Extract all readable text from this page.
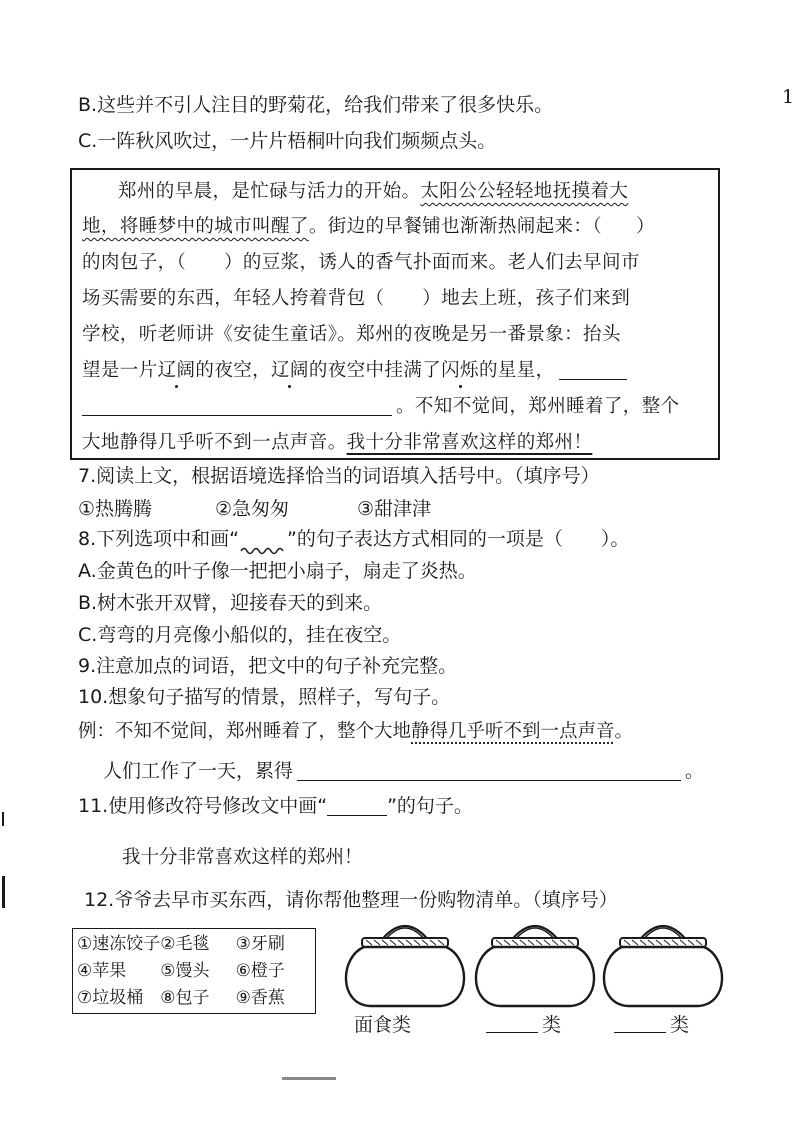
1
B.这些并不引人注目的野菊花，给我们带来了很多快乐。
C.一阵秋风吹过，一片片梧桐叶向我们频频点头。
郑州的早晨，是忙碌与活力的开始。太阳公公轻轻地抚摸着大
地，将睡梦中的城市叫醒了。街边的早餐铺也渐渐热闹起来：（ ）
的肉包子，（　　）的豆浆，诱人的香气扑面而来。老人们去早间市
场买需要的东西，年轻人挎着背包（　　）地去上班，孩子们来到
学校，听老师讲《安徒生童话》。郑州的夜晚是另一番景象：抬头
望是一片辽阔的夜空，辽阔的夜空中挂满了闪烁的星星，
。不知不觉间，郑州睡着了，整个
大地静得几乎听不到一点声音。我十分非常喜欢这样的郑州！
7.阅读上文，根据语境选择恰当的词语填入括号中。（填序号）
①热腾腾	②急匆匆	③甜津津
8.下列选项中和画“	”的句子表达方式相同的一项是（　　）。
A.金黄色的叶子像一把把小扇子，扇走了炎热。
B.树木张开双臂，迎接春天的到来。
C.弯弯的月亮像小船似的，挂在夜空。
9.注意加点的词语，把文中的句子补充完整。
10.想象句子描写的情景，照样子，写句子。
例：不知不觉间，郑州睡着了，整个大地静得几乎听不到一点声音。
人们工作了一天，累得	。
11.使用修改符号修改文中画“	”的句子。
我十分非常喜欢这样的郑州！
12.爷爷去早市买东西，请你帮他整理一份购物清单。（填序号）
①速冻饺子 ②毛毯	③牙刷
④苹果	⑤馒头	⑥橙子
⑦垃圾桶	⑧包子	⑨香蕉
面食类	类	类
